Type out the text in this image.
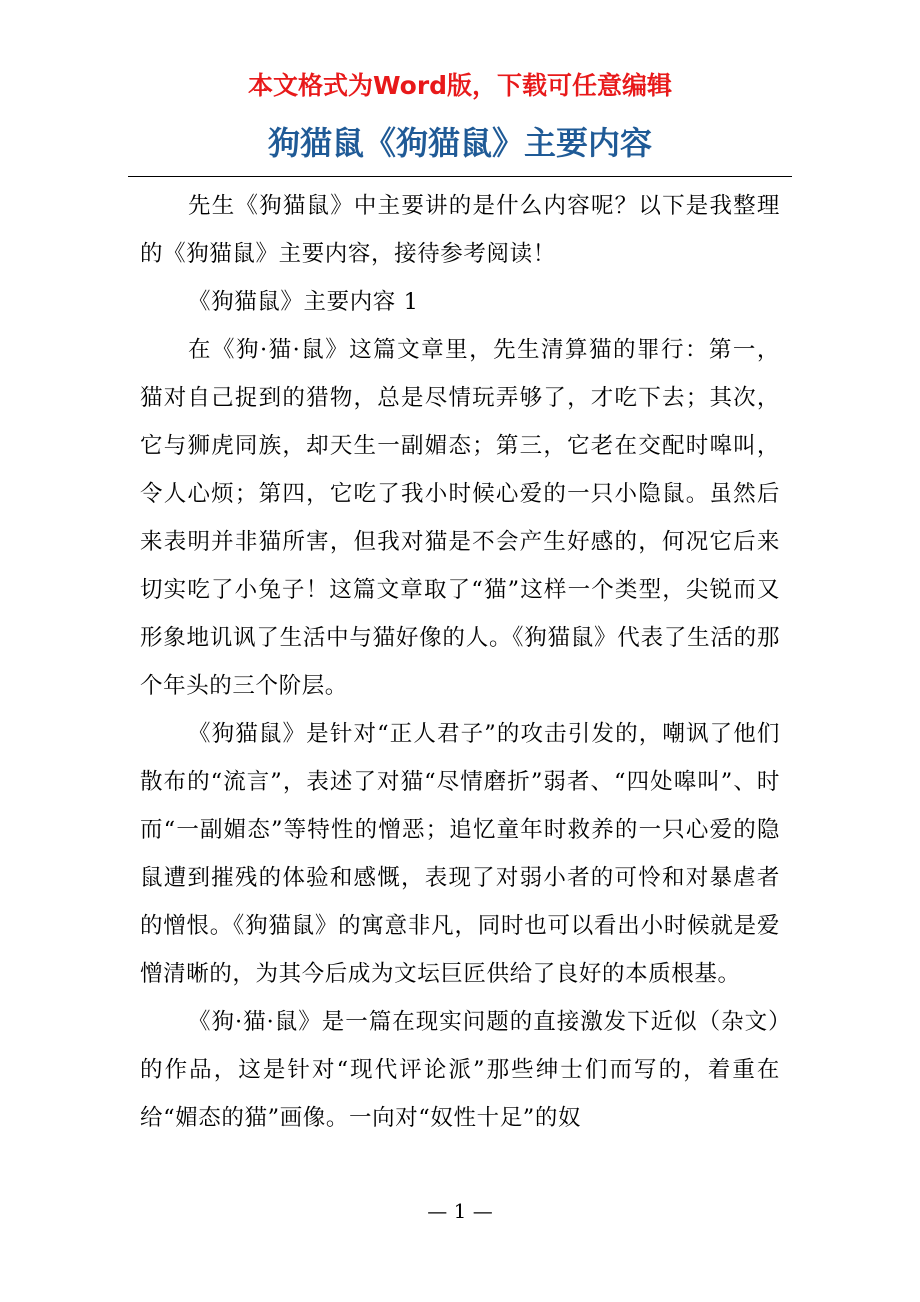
本文格式为Word版，下载可任意编辑
狗猫鼠《狗猫鼠》主要内容

先生《狗猫鼠》中主要讲的是什么内容呢？以下是我整理的《狗猫鼠》主要内容，接待参考阅读！

《狗猫鼠》主要内容 1

在《狗·猫·鼠》这篇文章里，先生清算猫的罪行：第一，猫对自己捉到的猎物，总是尽情玩弄够了，才吃下去；其次，它与狮虎同族，却天生一副媚态；第三，它老在交配时嗥叫，令人心烦；第四，它吃了我小时候心爱的一只小隐鼠。虽然后来表明并非猫所害，但我对猫是不会产生好感的，何况它后来切实吃了小兔子！这篇文章取了“猫”这样一个类型，尖锐而又形象地讥讽了生活中与猫好像的人。《狗猫鼠》代表了生活的那个年头的三个阶层。

《狗猫鼠》是针对“正人君子”的攻击引发的，嘲讽了他们散布的“流言”，表述了对猫“尽情磨折”弱者、“四处嗥叫”、时而“一副媚态”等特性的憎恶；追忆童年时救养的一只心爱的隐鼠遭到摧残的体验和感慨，表现了对弱小者的可怜和对暴虐者的憎恨。《狗猫鼠》的寓意非凡，同时也可以看出小时候就是爱憎清晰的，为其今后成为文坛巨匠供给了良好的本质根基。

《狗·猫·鼠》是一篇在现实问题的直接激发下近似（杂文）的作品，这是针对“现代评论派”那些绅士们而写的，着重在给“媚态的猫”画像。一向对“奴性十足”的奴

— 1 —
